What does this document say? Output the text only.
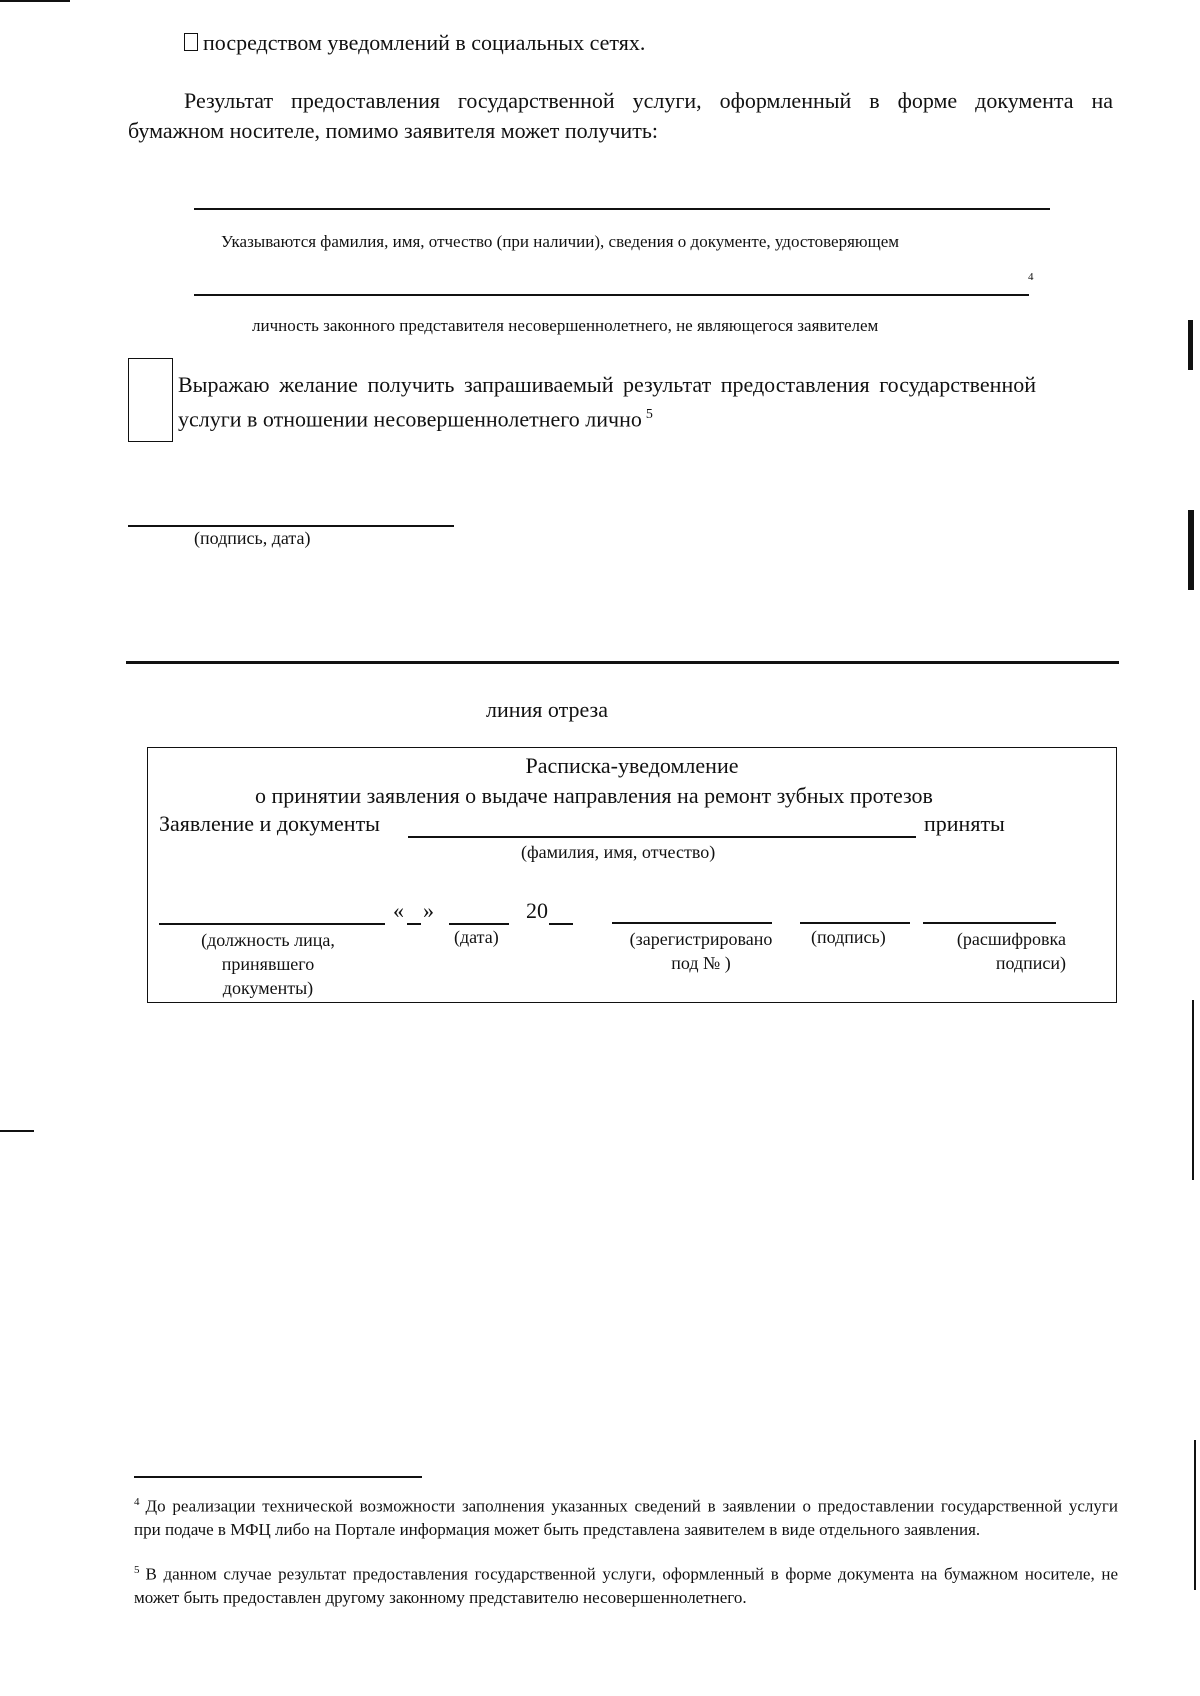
посредством уведомлений в социальных сетях.
Результат предоставления государственной услуги, оформленный в форме документа на бумажном носителе, помимо заявителя может получить:
Указываются фамилия, имя, отчество (при наличии), сведения о документе, удостоверяющем
4
личность законного представителя несовершеннолетнего, не являющегося заявителем
Выражаю желание получить запрашиваемый результат предоставления государственной услуги в отношении несовершеннолетнего лично $^5$
(подпись, дата)
линия отреза
Расписка-уведомление
о принятии заявления о выдаче направления на ремонт зубных протезов
Заявление и документы	приняты
(фамилия, имя, отчество)
« »	20
(должность лица, принявшего документы)
(дата)	(зарегистрировано под № )
(подпись)	(расшифровка подписи)
$^4$ До реализации технической возможности заполнения указанных сведений в заявлении о предоставлении государственной услуги при подаче в МФЦ либо на Портале информация может быть представлена заявителем в виде отдельного заявления.
$^5$ В данном случае результат предоставления государственной услуги, оформленный в форме документа на бумажном носителе, не может быть предоставлен другому законному представителю несовершеннолетнего.
